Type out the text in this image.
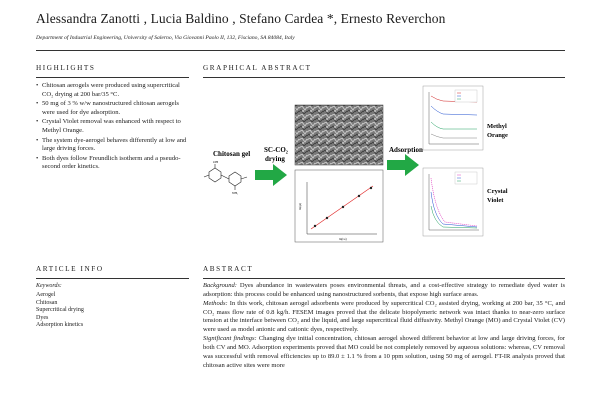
Alessandra Zanotti , Lucia Baldino , Stefano Cardea *, Ernesto Reverchon
Department of Industrial Engineering, University of Salerno, Via Giovanni Paolo II, 132, Fisciano, SA 84084, Italy
HIGHLIGHTS	GRAPHICAL ABSTRACT
• Chitosan aerogels were produced using supercritical CO₂ drying at 200 bar/35 °C.
• 50 mg of 3 % w/w nanostructured chitosan aerogels were used for dye adsorption.
• Crystal Violet removal was enhanced with respect to Methyl Orange.
• The system dye-aerogel behaves differently at low and large driving forces.
• Both dyes follow Freundlich isotherm and a pseudo-second order kinetics.
Chitosan gel
OH
NH₂
SC-CO₂
drying
ln(qe)
ln(Ce)
Adsorption
Methyl
Orange
Crystal
Violet
ARTICLE INFO	ABSTRACT
Keywords:
Aerogel
Chitosan
Supercritical drying
Dyes
Adsorption kinetics

Background: Dyes abundance in wastewaters poses environmental threats, and a cost-effective strategy to remediate dyed water is adsorption: this process could be enhanced using nanostructured sorbents, that expose high surface areas.

Methods: In this work, chitosan aerogel adsorbents were produced by supercritical CO₂ assisted drying, working at 200 bar, 35 °C, and CO₂ mass flow rate of 0.8 kg/h. FESEM images proved that the delicate biopolymeric network was intact thanks to near-zero surface tension at the interface between CO₂ and the liquid, and large supercritical fluid diffusivity. Methyl Orange (MO) and Crystal Violet (CV) were used as model anionic and cationic dyes, respectively.

Significant findings: Changing dye initial concentration, chitosan aerogel showed different behavior at low and large driving forces, for both CV and MO. Adsorption experiments proved that MO could be not completely removed by aqueous solutions: whereas, CV removal was successful with removal efficiencies up to 89.0 ± 1.1 % from a 10 ppm solution, using 50 mg of aerogel. FT-IR analysis proved that chitosan active sites were more
